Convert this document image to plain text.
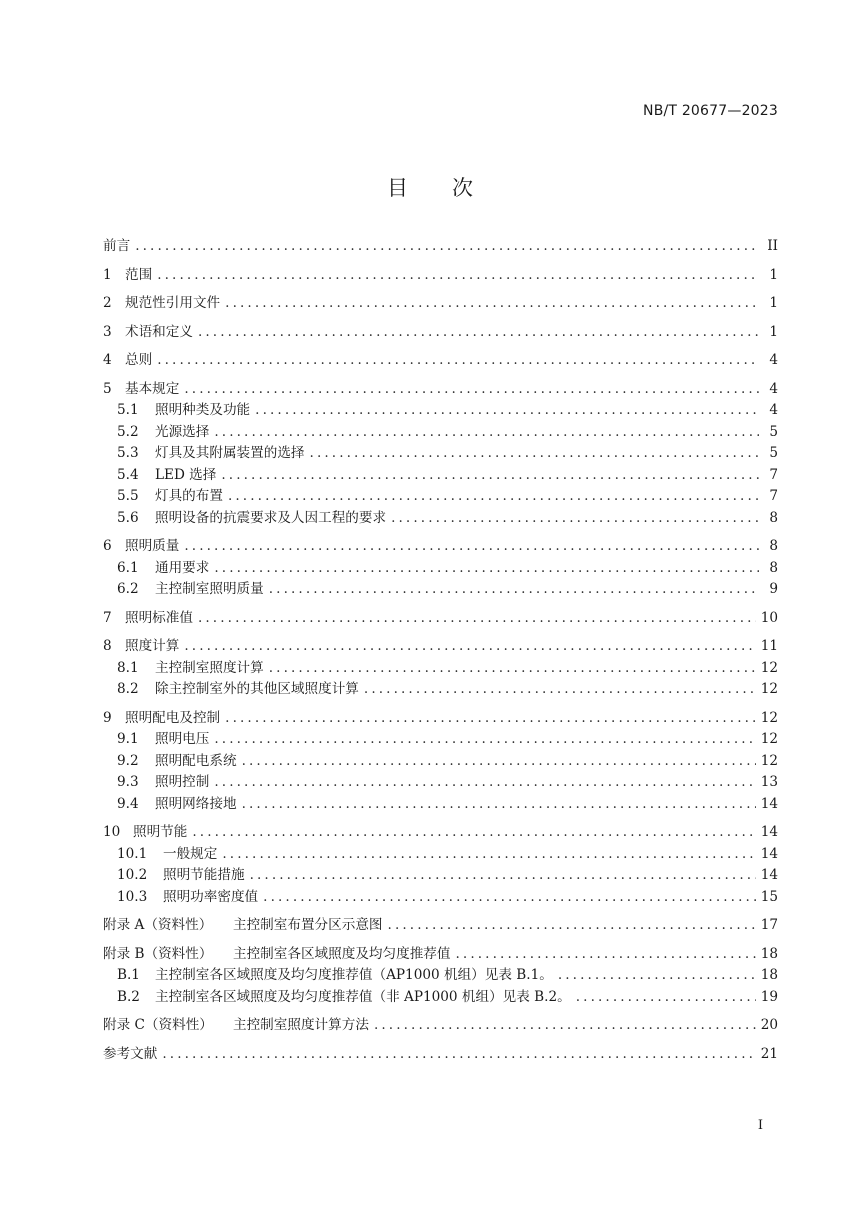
NB/T 20677—2023
目 次
前言 .....	II
1 范围 .....	1
2 规范性引用文件 .....	1
3 术语和定义 .....	1
4 总则 .....	4
5 基本规定 .....	4
5.1	照明种类及功能 .....	4
5.2	光源选择 .....	5
5.3	灯具及其附属装置的选择 .....	5
5.4	LED 选择 .....	7
5.5	灯具的布置 .....	7
5.6	照明设备的抗震要求及人因工程的要求 .....	8
6 照明质量 .....	8
6.1	通用要求 .....	8
6.2	主控制室照明质量 .....	9
7 照明标准值 .....	10
8 照度计算 .....	11
8.1	主控制室照度计算 .....	12
8.2	除主控制室外的其他区域照度计算 .....	12
9 照明配电及控制 .....	12
9.1	照明电压 .....	12
9.2	照明配电系统 .....	12
9.3	照明控制 .....	13
9.4	照明网络接地 .....	14
10 照明节能 .....	14
10.1	一般规定 .....	14
10.2	照明节能措施 .....	14
10.3	照明功率密度值 .....	15
附录 A（资料性）	主控制室布置分区示意图 .....	17
附录 B（资料性）	主控制室各区域照度及均匀度推荐值 .....	18
B.1	主控制室各区域照度及均匀度推荐值（AP1000 机组）见表 B.1。 .....	18
B.2	主控制室各区域照度及均匀度推荐值（非 AP1000 机组）见表 B.2。 .....	19
附录 C（资料性）	主控制室照度计算方法 .....	20
参考文献 .....	21
I
